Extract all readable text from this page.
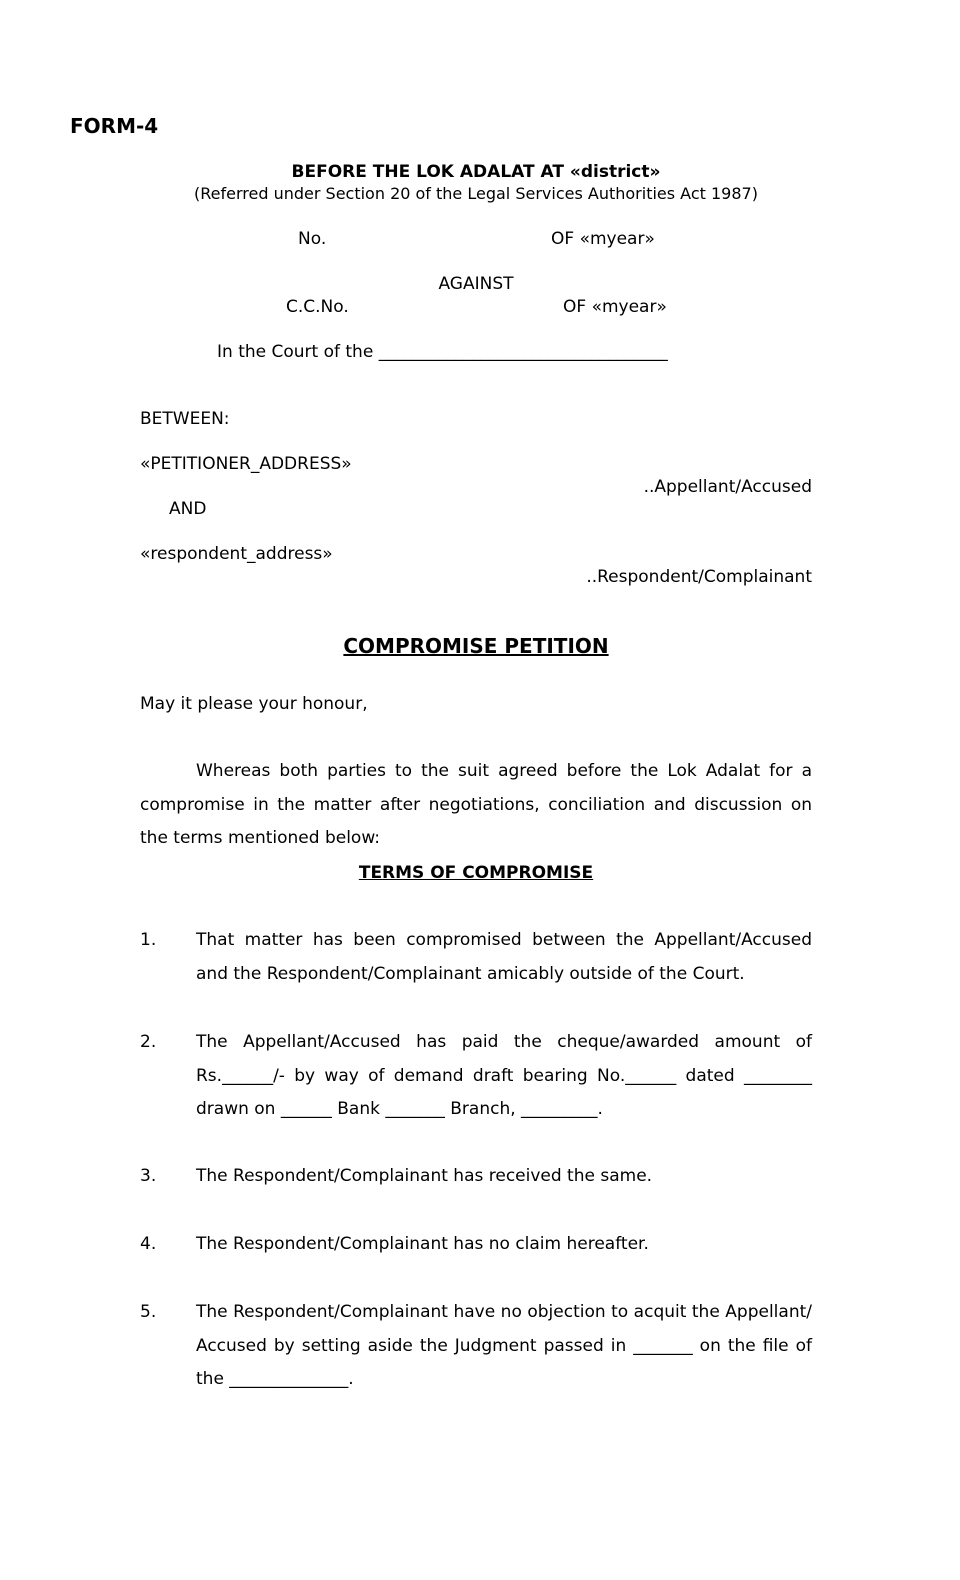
FORM-4
BEFORE THE LOK ADALAT AT «district»
(Referred under Section 20 of the Legal Services Authorities Act 1987)
No.	OF «myear»
AGAINST
C.C.No.	OF «myear»
In the Court of the __________________________________
BETWEEN:
«PETITIONER_ADDRESS»
..Appellant/Accused
AND
«respondent_address»
..Respondent/Complainant
COMPROMISE PETITION
May it please your honour,
Whereas both parties to the suit agreed before the Lok Adalat for a compromise in the matter after negotiations, conciliation and discussion on the terms mentioned below:
TERMS OF COMPROMISE
1. That matter has been compromised between the Appellant/Accused and the Respondent/Complainant amicably outside of the Court.
2. The Appellant/Accused has paid the cheque/awarded amount of Rs.______/- by way of demand draft bearing No.______ dated ________ drawn on ______ Bank _______ Branch, _________.
3. The Respondent/Complainant has received the same.
4. The Respondent/Complainant has no claim hereafter.
5. The Respondent/Complainant have no objection to acquit the Appellant/ Accused by setting aside the Judgment passed in _______ on the file of the ______________.
